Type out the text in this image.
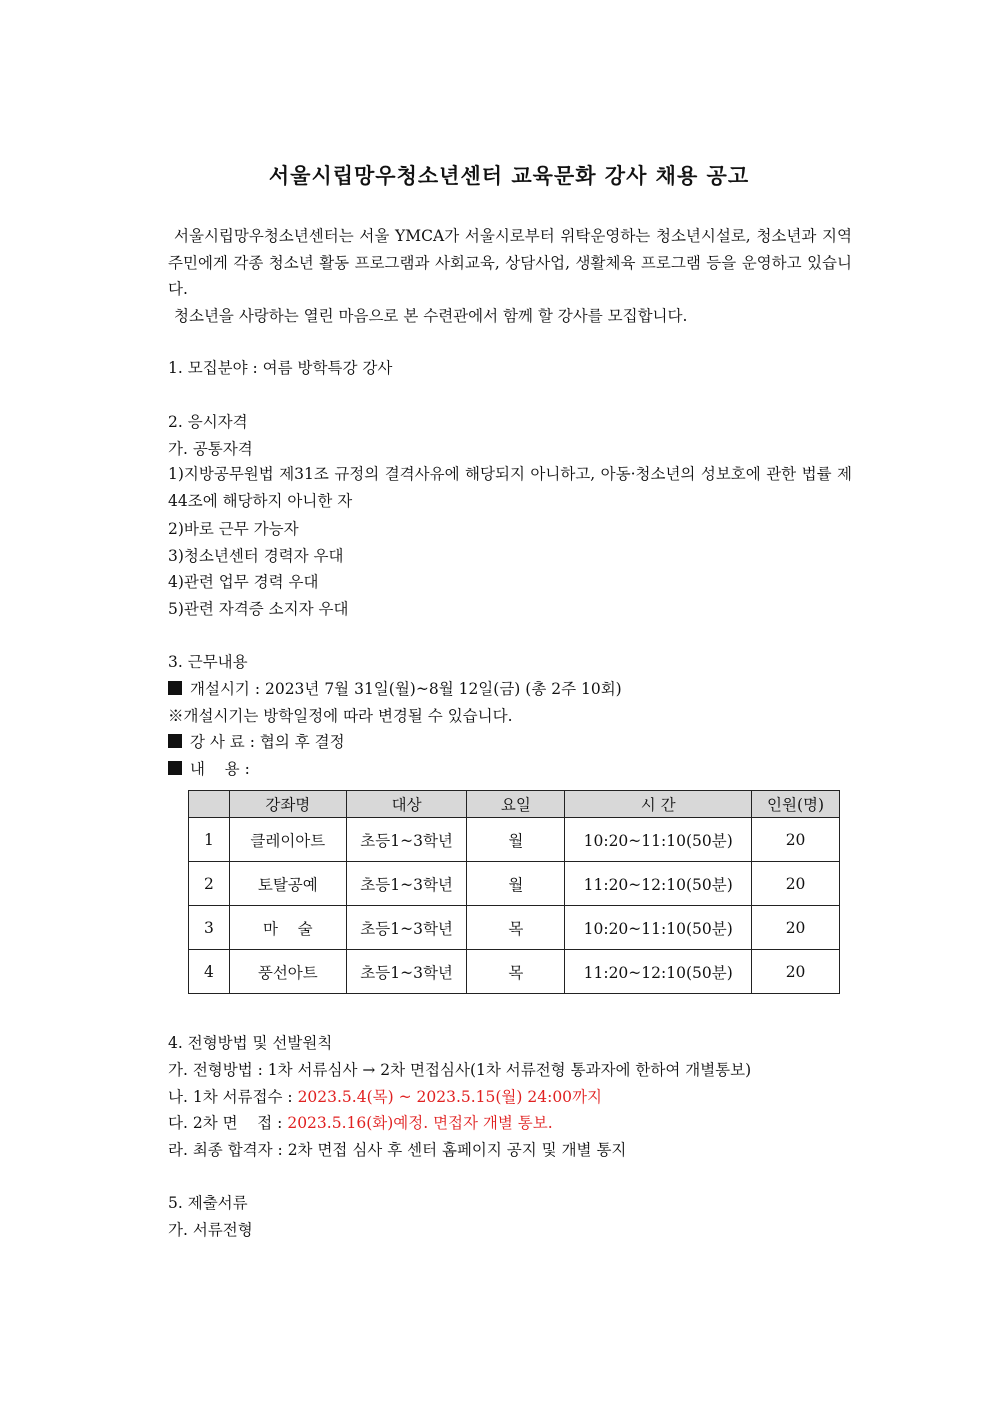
서울시립망우청소년센터 교육문화 강사 채용 공고

서울시립망우청소년센터는 서울 YMCA가 서울시로부터 위탁운영하는 청소년시설로, 청소년과 지역주민에게 각종 청소년 활동 프로그램과 사회교육, 상담사업, 생활체육 프로그램 등을 운영하고 있습니다.

청소년을 사랑하는 열린 마음으로 본 수련관에서 함께 할 강사를 모집합니다.

1. 모집분야 : 여름 방학특강 강사
2. 응시자격
가. 공통자격
1)지방공무원법 제31조 규정의 결격사유에 해당되지 아니하고, 아동·청소년의 성보호에 관한 법률 제44조에 해당하지 아니한 자
2)바로 근무 가능자
3)청소년센터 경력자 우대
4)관련 업무 경력 우대
5)관련 자격증 소지자 우대
3. 근무내용
개설시기 : 2023년 7월 31일(월)~8월 12일(금) (총 2주 10회)
※개설시기는 방학일정에 따라 변경될 수 있습니다.
강 사 료 : 협의 후 결정
내    용 :
	강좌명	대상	요일	시 간	인원(명)
1	클레이아트	초등1~3학년	월	10:20~11:10(50분)	20
2	토탈공예	초등1~3학년	월	11:20~12:10(50분)	20
3	마    술	초등1~3학년	목	10:20~11:10(50분)	20
4	풍선아트	초등1~3학년	목	11:20~12:10(50분)	20
4. 전형방법 및 선발원칙
가. 전형방법 : 1차 서류심사 → 2차 면접심사(1차 서류전형 통과자에 한하여 개별통보)
나. 1차 서류접수 : 2023.5.4(목) ~ 2023.5.15(월) 24:00까지
다. 2차 면    접 : 2023.5.16(화)예정. 면접자 개별 통보.
라. 최종 합격자 : 2차 면접 심사 후 센터 홈페이지 공지 및 개별 통지
5. 제출서류
가. 서류전형
